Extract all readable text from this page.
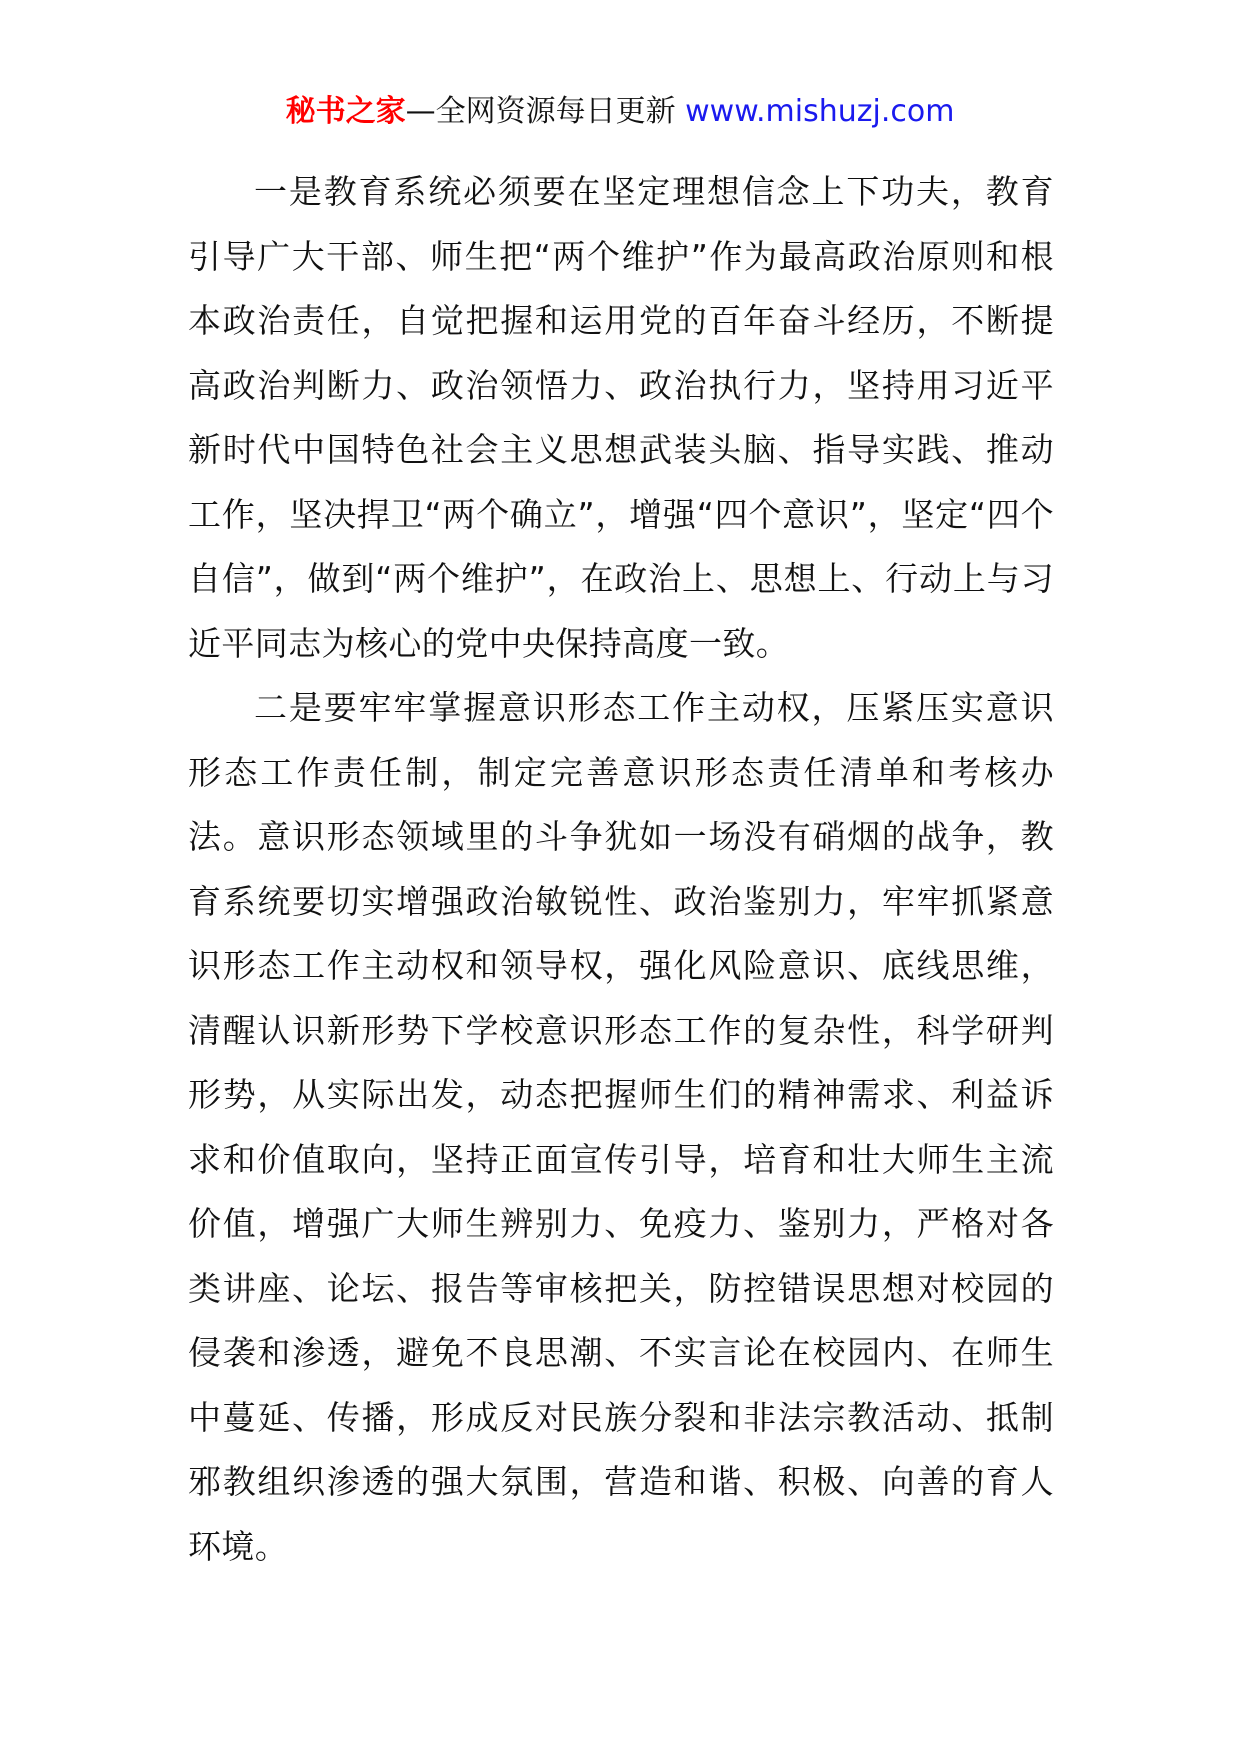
秘书之家—全网资源每日更新 www.mishuzj.com

一是教育系统必须要在坚定理想信念上下功夫，教育引导广大干部、师生把“两个维护”作为最高政治原则和根本政治责任，自觉把握和运用党的百年奋斗经历，不断提高政治判断力、政治领悟力、政治执行力，坚持用习近平新时代中国特色社会主义思想武装头脑、指导实践、推动工作，坚决捍卫“两个确立”，增强“四个意识”，坚定“四个自信”，做到“两个维护”，在政治上、思想上、行动上与习近平同志为核心的党中央保持高度一致。

二是要牢牢掌握意识形态工作主动权，压紧压实意识形态工作责任制，制定完善意识形态责任清单和考核办法。意识形态领域里的斗争犹如一场没有硝烟的战争，教育系统要切实增强政治敏锐性、政治鉴别力，牢牢抓紧意识形态工作主动权和领导权，强化风险意识、底线思维，清醒认识新形势下学校意识形态工作的复杂性，科学研判形势，从实际出发，动态把握师生们的精神需求、利益诉求和价值取向，坚持正面宣传引导，培育和壮大师生主流价值，增强广大师生辨别力、免疫力、鉴别力，严格对各类讲座、论坛、报告等审核把关，防控错误思想对校园的侵袭和渗透，避免不良思潮、不实言论在校园内、在师生中蔓延、传播，形成反对民族分裂和非法宗教活动、抵制邪教组织渗透的强大氛围，营造和谐、积极、向善的育人环境。
